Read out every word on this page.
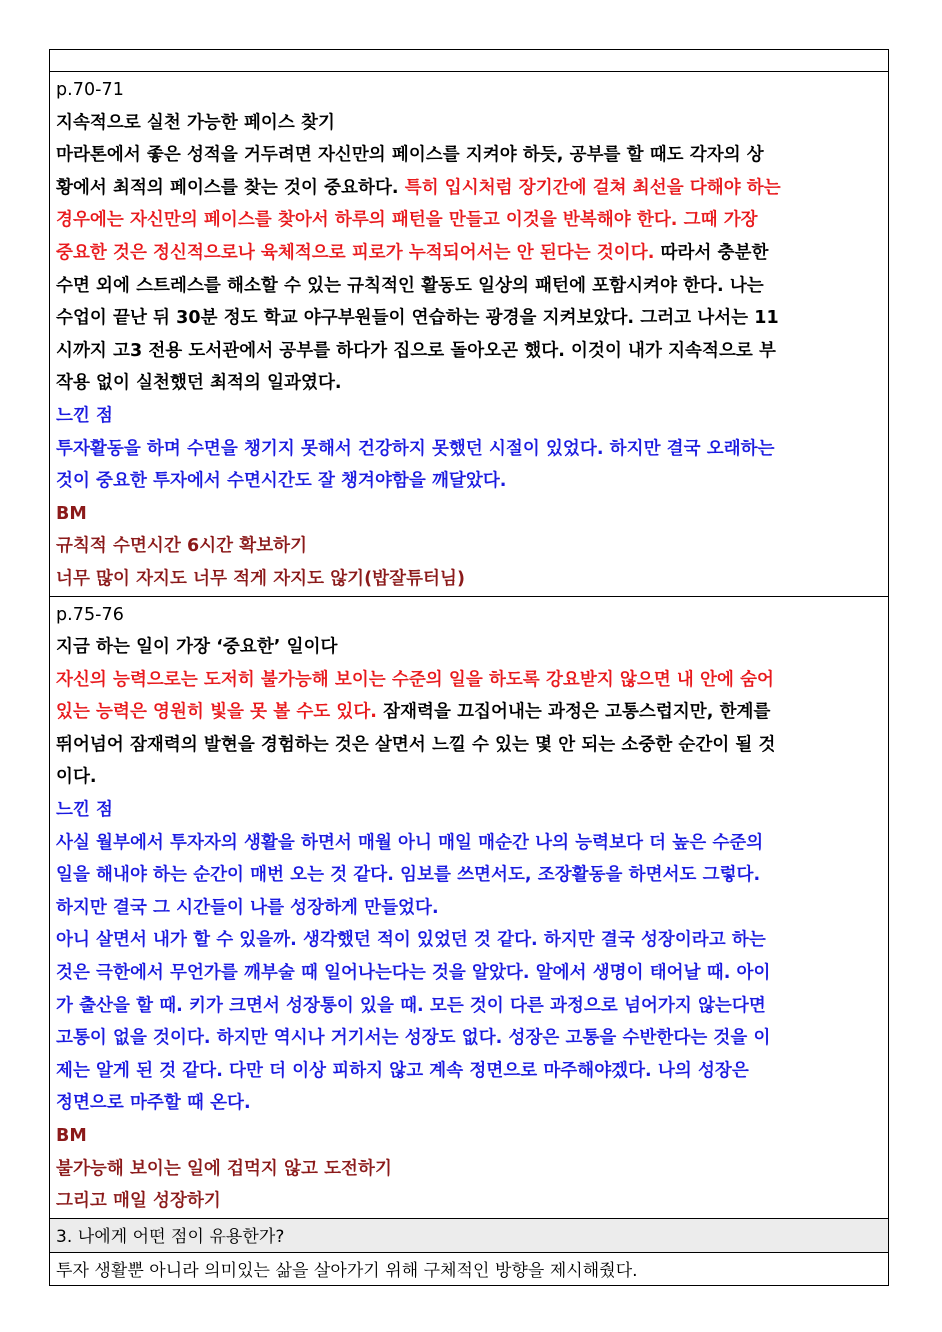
p.70-71
지속적으로 실천 가능한 페이스 찾기
마라톤에서 좋은 성적을 거두려면 자신만의 페이스를 지켜야 하듯, 공부를 할 때도 각자의 상
황에서 최적의 페이스를 찾는 것이 중요하다. 특히 입시처럼 장기간에 걸쳐 최선을 다해야 하는
경우에는 자신만의 페이스를 찾아서 하루의 패턴을 만들고 이것을 반복해야 한다. 그때 가장
중요한 것은 정신적으로나 육체적으로 피로가 누적되어서는 안 된다는 것이다. 따라서 충분한
수면 외에 스트레스를 해소할 수 있는 규칙적인 활동도 일상의 패턴에 포함시켜야 한다. 나는
수업이 끝난 뒤 30분 정도 학교 야구부원들이 연습하는 광경을 지켜보았다. 그러고 나서는 11
시까지 고3 전용 도서관에서 공부를 하다가 집으로 돌아오곤 했다. 이것이 내가 지속적으로 부
작용 없이 실천했던 최적의 일과였다.
느낀 점
투자활동을 하며 수면을 챙기지 못해서 건강하지 못했던 시절이 있었다. 하지만 결국 오래하는
것이 중요한 투자에서 수면시간도 잘 챙겨야함을 깨달았다.
BM
규칙적 수면시간 6시간 확보하기
너무 많이 자지도 너무 적게 자지도 않기(밥잘튜터님)
p.75-76
지금 하는 일이 가장 ‘중요한’ 일이다
자신의 능력으로는 도저히 불가능해 보이는 수준의 일을 하도록 강요받지 않으면 내 안에 숨어
있는 능력은 영원히 빛을 못 볼 수도 있다. 잠재력을 끄집어내는 과정은 고통스럽지만, 한계를
뛰어넘어 잠재력의 발현을 경험하는 것은 살면서 느낄 수 있는 몇 안 되는 소중한 순간이 될 것
이다.
느낀 점
사실 월부에서 투자자의 생활을 하면서 매월 아니 매일 매순간 나의 능력보다 더 높은 수준의
일을 해내야 하는 순간이 매번 오는 것 같다. 임보를 쓰면서도, 조장활동을 하면서도 그렇다.
하지만 결국 그 시간들이 나를 성장하게 만들었다.
아니 살면서 내가 할 수 있을까. 생각했던 적이 있었던 것 같다. 하지만 결국 성장이라고 하는
것은 극한에서 무언가를 깨부술 때 일어나는다는 것을 알았다. 알에서 생명이 태어날 때. 아이
가 출산을 할 때. 키가 크면서 성장통이 있을 때. 모든 것이 다른 과정으로 넘어가지 않는다면
고통이 없을 것이다. 하지만 역시나 거기서는 성장도 없다. 성장은 고통을 수반한다는 것을 이
제는 알게 된 것 같다. 다만 더 이상 피하지 않고 계속 정면으로 마주해야겠다. 나의 성장은
정면으로 마주할 때 온다.
BM
불가능해 보이는 일에 겁먹지 않고 도전하기
그리고 매일 성장하기
3. 나에게 어떤 점이 유용한가?
투자 생활뿐 아니라 의미있는 삶을 살아가기 위해 구체적인 방향을 제시해줬다.
